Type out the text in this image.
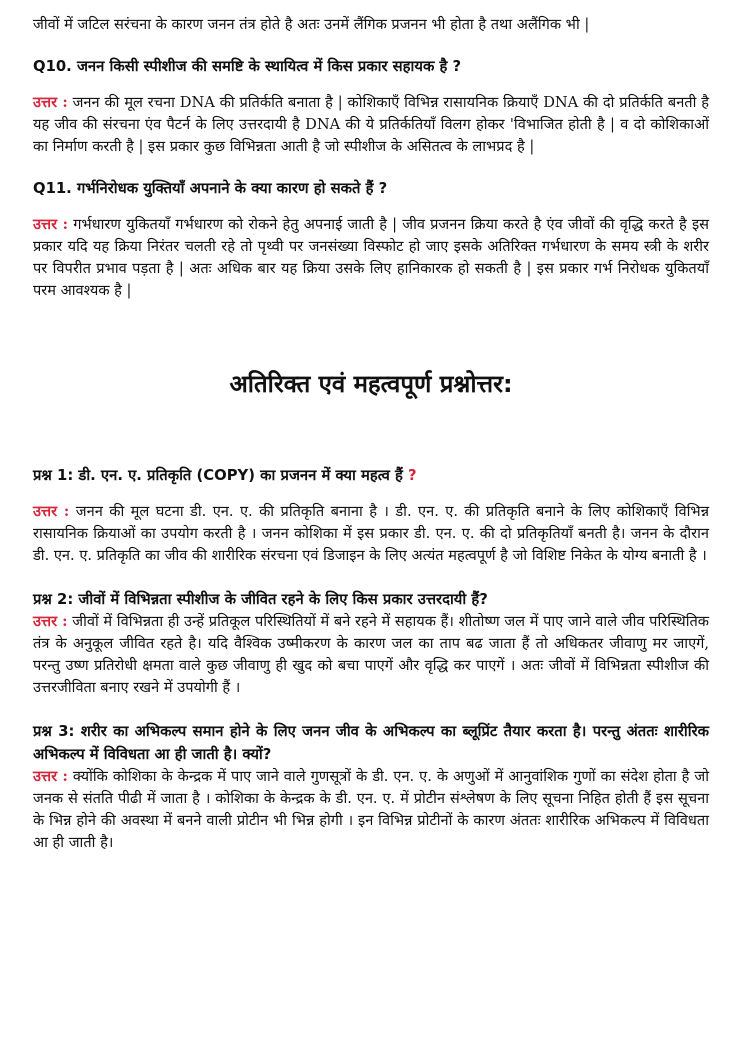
जीवों में जटिल सरंचना के कारण जनन तंत्र होते है अतः उनमें लैंगिक प्रजनन भी होता है तथा अलैंगिक भी |

Q10. जनन किसी स्पीशीज की समष्टि के स्थायित्व में किस प्रकार सहायक है ?

उत्तर : जनन की मूल रचना DNA की प्रतिर्कति बनाता है | कोशिकाएँ विभिन्न रासायनिक क्रियाएँ DNA की दो प्रतिर्कति बनती है यह जीव की संरचना एंव पैटर्न के लिए उत्तरदायी है DNA की ये प्रतिर्कतियाँ विलग होकर 'विभाजित होती है | व दो कोशिकाओं का निर्माण करती है | इस प्रकार कुछ विभिन्नता आती है जो स्पीशीज के असितत्व के लाभप्रद है |

Q11. गर्भनिरोधक युक्तियाँ अपनाने के क्या कारण हो सकते हैं ?

उत्तर : गर्भधारण युकितयाँ गर्भधारण को रोकने हेतु अपनाई जाती है | जीव प्रजनन क्रिया करते है एंव जीवों की वृद्धि करते है इस प्रकार यदि यह क्रिया निरंतर चलती रहे तो पृथ्वी पर जनसंख्या विस्फोट हो जाए इसके अतिरिक्त गर्भधारण के समय स्त्री के शरीर पर विपरीत प्रभाव पड़ता है | अतः अधिक बार यह क्रिया उसके लिए हानिकारक हो सकती है | इस प्रकार गर्भ निरोधक युकितयाँ परम आवश्यक है |

अतिरिक्त एवं महत्वपूर्ण प्रश्नोत्तर:

प्रश्न 1: डी. एन. ए. प्रतिकृति (COPY) का प्रजनन में क्या महत्व हैं ?

उत्तर : जनन की मूल घटना डी. एन. ए. की प्रतिकृति बनाना है । डी. एन. ए. की प्रतिकृति बनाने के लिए कोशिकाएँ विभिन्न रासायनिक क्रियाओं का उपयोग करती है । जनन कोशिका में इस प्रकार डी. एन. ए. की दो प्रतिकृतियाँ बनती है। जनन के दौरान डी. एन. ए. प्रतिकृति का जीव की शारीरिक संरचना एवं डिजाइन के लिए अत्यंत महत्वपूर्ण है जो विशिष्ट निकेत के योग्य बनाती है ।

प्रश्न 2: जीवों में विभिन्नता स्पीशीज के जीवित रहने के लिए किस प्रकार उत्तरदायी हैं?

उत्तर : जीवों में विभिन्नता ही उन्हें प्रतिकूल परिस्थितियों में बने रहने में सहायक हैं। शीतोष्ण जल में पाए जाने वाले जीव परिस्थितिक तंत्र के अनुकूल जीवित रहते है। यदि वैश्विक उष्मीकरण के कारण जल का ताप बढ जाता हैं तो अधिकतर जीवाणु मर जाएगें, परन्तु उष्ण प्रतिरोधी क्षमता वाले कुछ जीवाणु ही खुद को बचा पाएगें और वृद्धि कर पाएगें । अतः जीवों में विभिन्नता स्पीशीज की उत्तरजीविता बनाए रखने में उपयोगी हैं ।

प्रश्न 3: शरीर का अभिकल्प समान होने के लिए जनन जीव के अभिकल्प का ब्लूप्रिंट तैयार करता है। परन्तु अंततः शारीरिक अभिकल्प में विविधता आ ही जाती है। क्यों?

उत्तर : क्योंकि कोशिका के केन्द्रक में पाए जाने वाले गुणसूत्रों के डी. एन. ए. के अणुओं में आनुवांशिक गुणों का संदेश होता है जो जनक से संतति पीढी में जाता है । कोशिका के केन्द्रक के डी. एन. ए. में प्रोटीन संश्लेषण के लिए सूचना निहित होती हैं इस सूचना के भिन्न होने की अवस्था में बनने वाली प्रोटीन भी भिन्न होगी । इन विभिन्न प्रोटीनों के कारण अंततः शारीरिक अभिकल्प में विविधता आ ही जाती है।
